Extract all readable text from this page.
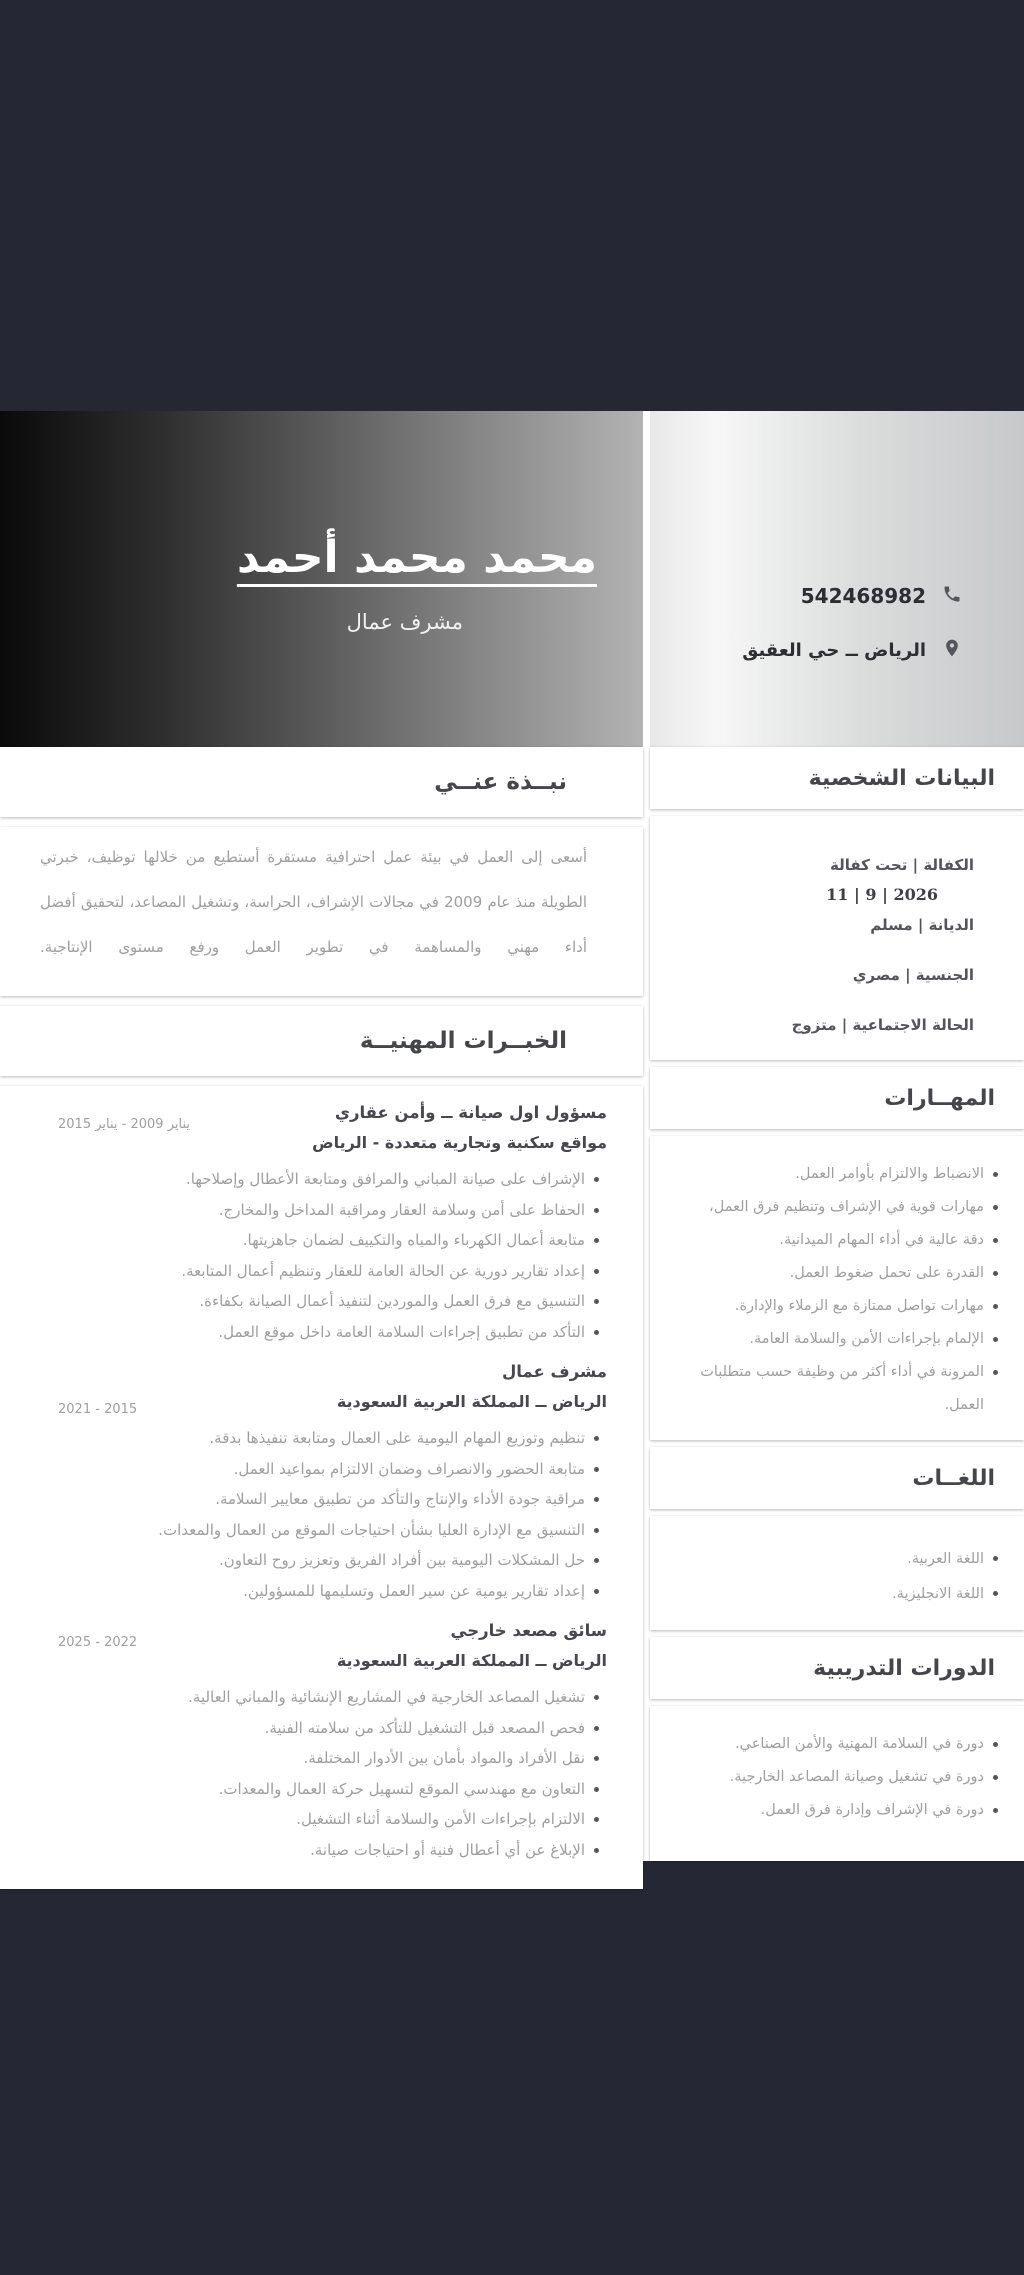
542468982
الرياض ــ حي العقيق
البيانات الشخصية
الكفالة | تحت كفالة
11 | 9 | 2026
الديانة | مسلم
الجنسية | مصري
الحالة الاجتماعية | متزوج
المهــارات
الانضباط والالتزام بأوامر العمل.
مهارات قوية في الإشراف وتنظيم فرق العمل،
دقة عالية في أداء المهام الميدانية.
القدرة على تحمل ضغوط العمل.
مهارات تواصل ممتازة مع الزملاء والإدارة.
الإلمام بإجراءات الأمن والسلامة العامة.
المرونة في أداء أكثر من وظيفة حسب متطلبات العمل.
اللغــات
اللغة العربية.
اللغة الانجليزية.
الدورات التدريبية
دورة في السلامة المهنية والأمن الصناعي.
دورة في تشغيل وصيانة المصاعد الخارجية.
دورة في الإشراف وإدارة فرق العمل.
محمد محمد أحمد
مشرف عمال
نبــذة عنــي
أسعى إلى العمل في بيئة عمل احترافية مستقرة أستطيع من خلالها توظيف، خبرتي الطويلة منذ عام 2009 في مجالات الإشراف، الحراسة، وتشغيل المصاعد، لتحقيق أفضل أداء مهني والمساهمة في تطوير العمل ورفع مستوى الإنتاجية.
الخبــرات المهنيــة
مسؤول اول صيانة ــ وأمن عقاري
يناير 2009 - يناير 2015
مواقع سكنية وتجارية متعددة - الرياض
الإشراف على صيانة المباني والمرافق ومتابعة الأعطال وإصلاحها.
الحفاظ على أمن وسلامة العقار ومراقبة المداخل والمخارج.
متابعة أعمال الكهرباء والمياه والتكييف لضمان جاهزيتها.
إعداد تقارير دورية عن الحالة العامة للعقار وتنظيم أعمال المتابعة.
التنسيق مع فرق العمل والموردين لتنفيذ أعمال الصيانة بكفاءة.
التأكد من تطبيق إجراءات السلامة العامة داخل موقع العمل.
مشرف عمال
2015 - 2021	الرياض ــ المملكة العربية السعودية
تنظيم وتوزيع المهام اليومية على العمال ومتابعة تنفيذها بدقة.
متابعة الحضور والانصراف وضمان الالتزام بمواعيد العمل.
مراقبة جودة الأداء والإنتاج والتأكد من تطبيق معايير السلامة.
التنسيق مع الإدارة العليا بشأن احتياجات الموقع من العمال والمعدات.
حل المشكلات اليومية بين أفراد الفريق وتعزيز روح التعاون.
إعداد تقارير يومية عن سير العمل وتسليمها للمسؤولين.
سائق مصعد خارجي
2022 - 2025
الرياض ــ المملكة العربية السعودية
تشغيل المصاعد الخارجية في المشاريع الإنشائية والمباني العالية.
فحص المصعد قبل التشغيل للتأكد من سلامته الفنية.
نقل الأفراد والمواد بأمان بين الأدوار المختلفة.
التعاون مع مهندسي الموقع لتسهيل حركة العمال والمعدات.
الالتزام بإجراءات الأمن والسلامة أثناء التشغيل.
الإبلاغ عن أي أعطال فنية أو احتياجات صيانة.
